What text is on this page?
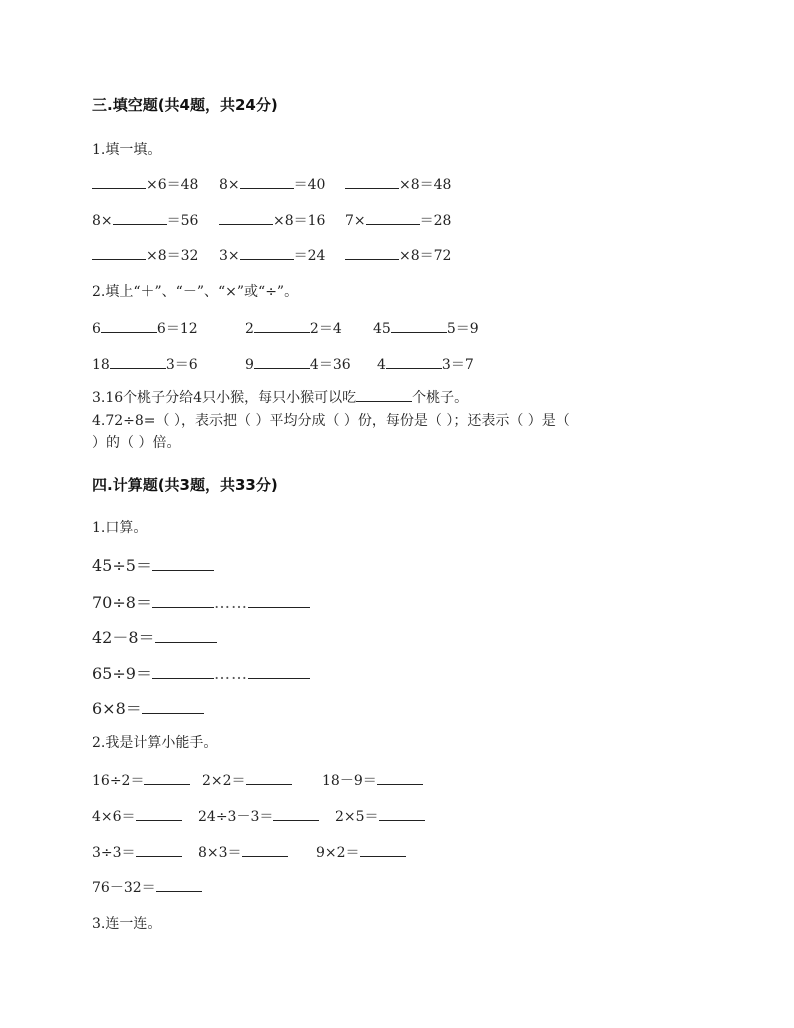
三.填空题(共4题，共24分)
1.填一填。
×6＝48 8×	＝40	×8＝48
8×	＝56	×8＝16 7×	＝28
×8＝32 3×	＝24	×8＝72
2.填上“＋”、“－”、“×”或“÷”。
6	6＝12	2	2＝4 45	5＝9
18	3＝6	9	4＝36 4	3＝7
3.16个桃子分给4只小猴，每只小猴可以吃	个桃子。
4.72÷8=（ ），表示把（ ）平均分成（ ）份，每份是（ ）；还表示（ ）是（
）的（ ）倍。
四.计算题(共3题，共33分)
1.口算。
45÷5＝
70÷8＝	……
42－8＝
65÷9＝	……
6×8＝
2.我是计算小能手。
16÷2＝	2×2＝	18－9＝
4×6＝	24÷3－3＝	2×5＝
3÷3＝	8×3＝	9×2＝
76－32＝
3.连一连。
